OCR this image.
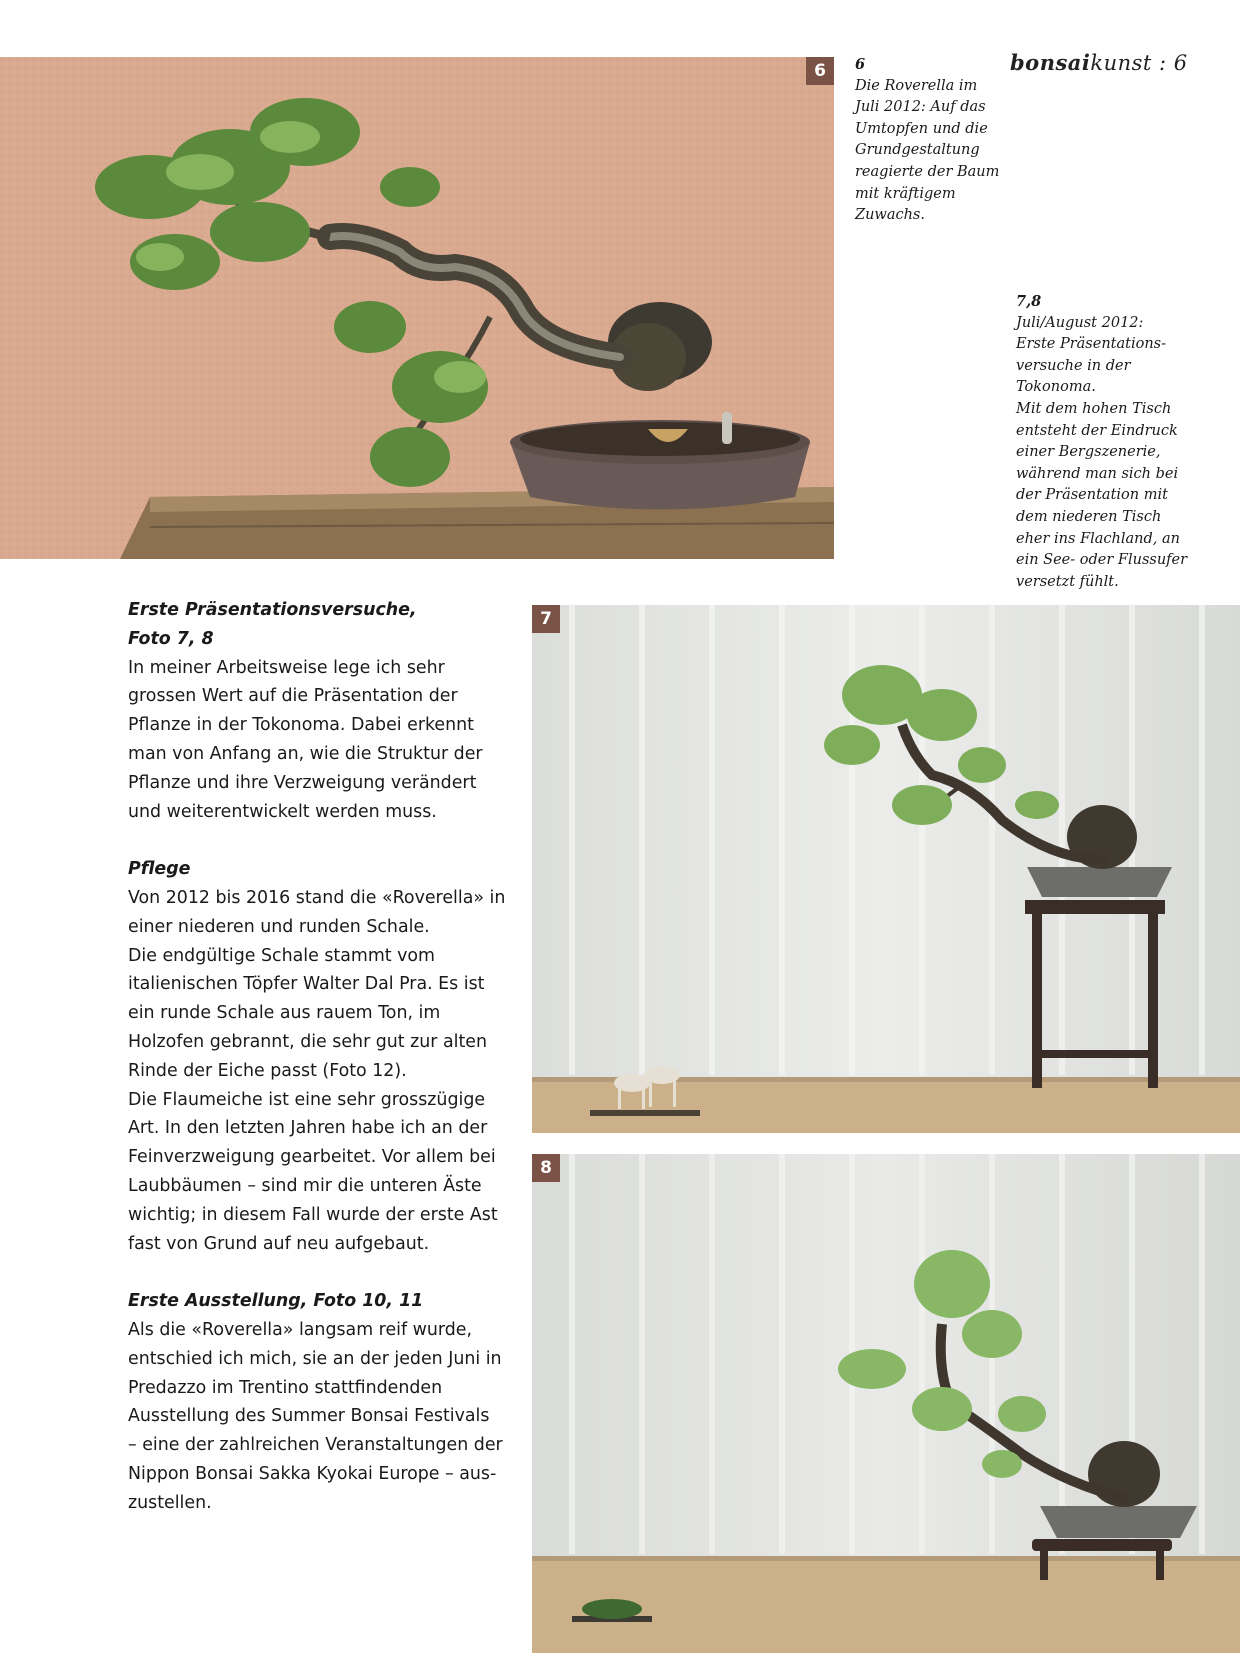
6	6
Die Roverella im
Juli 2012: Auf das
Umtopfen und die
Grundgestaltung
reagierte der Baum
mit kräftigem
Zuwachs.
bonsaikunst : 6
7,8
Juli/August 2012:
Erste Präsentations-
versuche in der
Tokonoma.
Mit dem hohen Tisch
entsteht der Eindruck
einer Bergszenerie,
während man sich bei
der Präsentation mit
dem niederen Tisch
eher ins Flachland, an
ein See- oder Flussufer
versetzt fühlt.
7
8
Erste Präsentationsversuche,
Foto 7, 8

In meiner Arbeitsweise lege ich sehr

grossen Wert auf die Präsentation der

Pflanze in der Tokonoma. Dabei erkennt

man von Anfang an, wie die Struktur der

Pflanze und ihre Verzweigung verändert

und weiterentwickelt werden muss.

Pflege

Von 2012 bis 2016 stand die «Roverella» in

einer niederen und runden Schale.

Die endgültige Schale stammt vom

italienischen Töpfer Walter Dal Pra. Es ist

ein runde Schale aus rauem Ton, im

Holzofen gebrannt, die sehr gut zur alten

Rinde der Eiche passt (Foto 12).

Die Flaumeiche ist eine sehr grosszügige

Art. In den letzten Jahren habe ich an der

Feinverzweigung gearbeitet. Vor allem bei

Laubbäumen – sind mir die unteren Äste

wichtig; in diesem Fall wurde der erste Ast

fast von Grund auf neu aufgebaut.

Erste Ausstellung, Foto 10, 11

Als die «Roverella» langsam reif wurde,

entschied ich mich, sie an der jeden Juni in

Predazzo im Trentino stattfindenden

Ausstellung des Summer Bonsai Festivals

– eine der zahlreichen Veranstaltungen der

Nippon Bonsai Sakka Kyokai Europe – aus-

zustellen.
